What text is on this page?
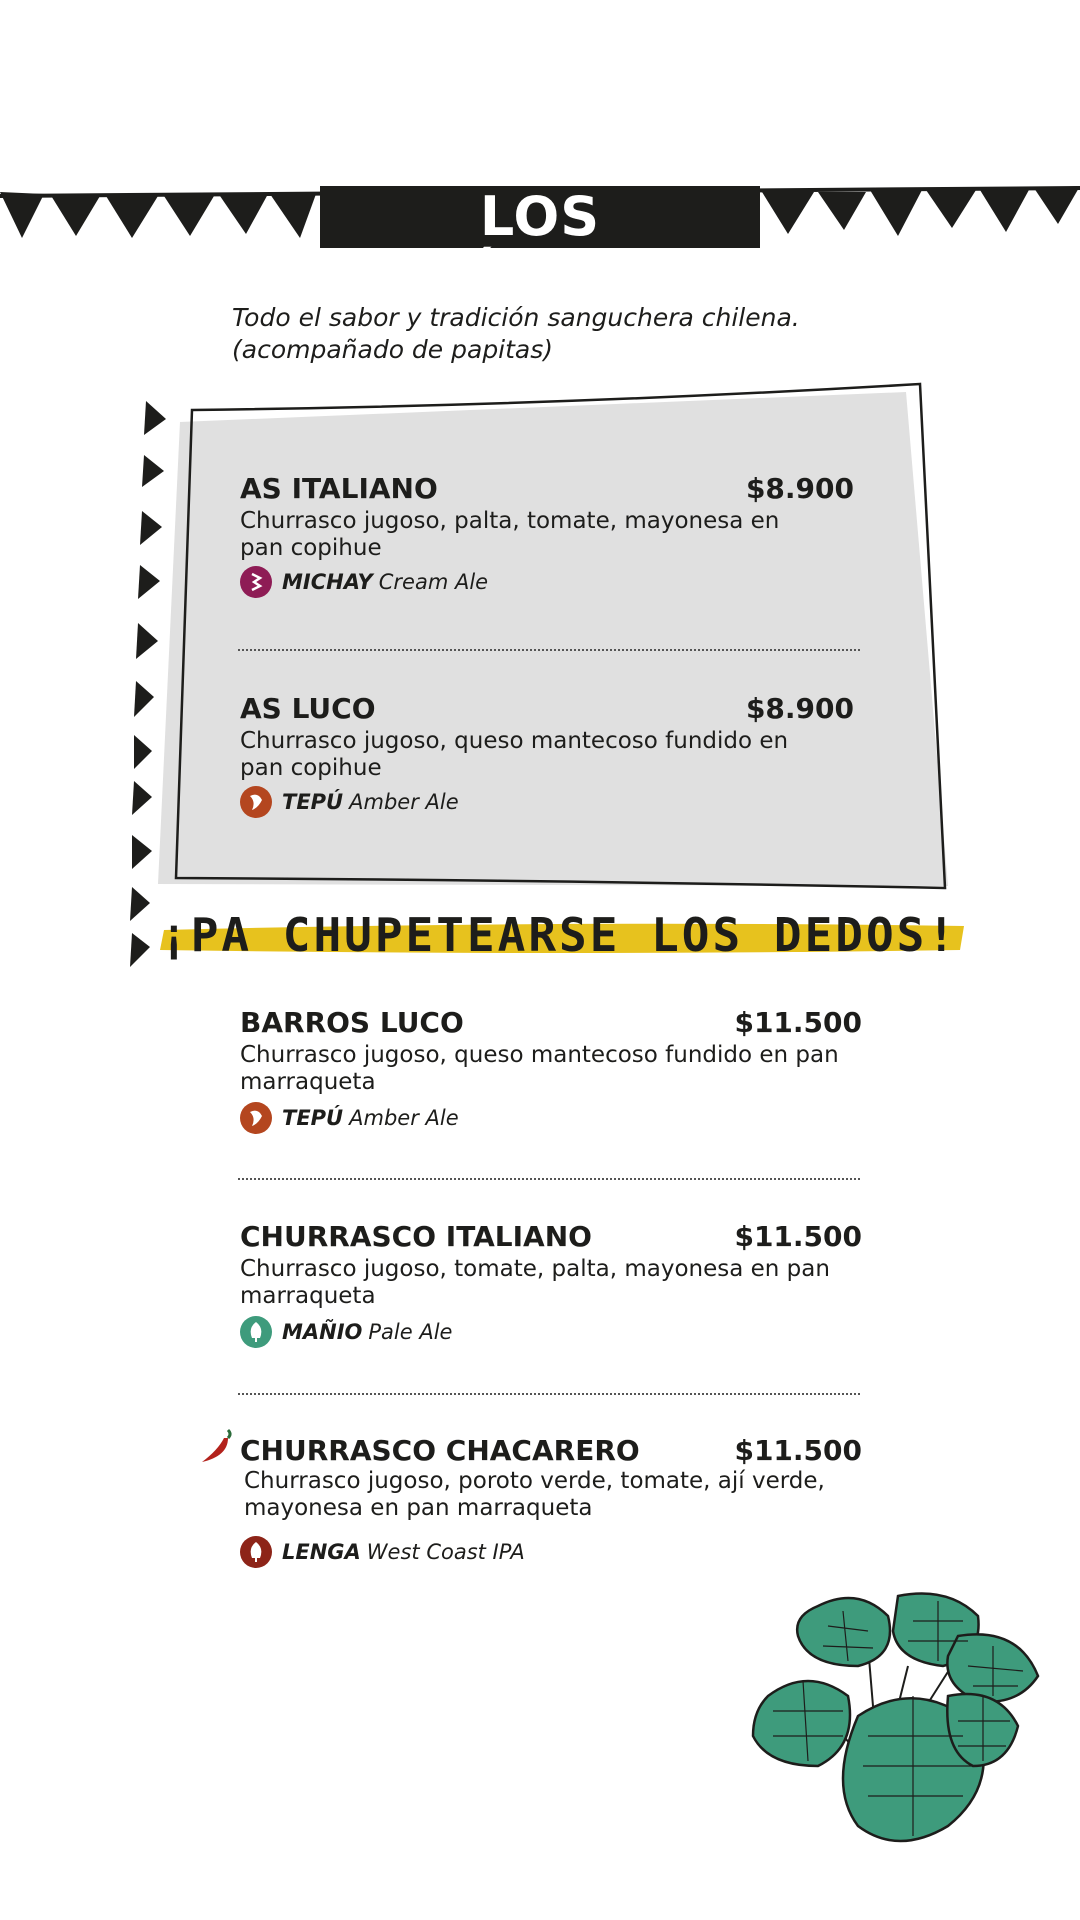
LOS CLÁSICOS
Todo el sabor y tradición sanguchera chilena.
(acompañado de papitas)
AS ITALIANO	$8.900
Churrasco jugoso, palta, tomate, mayonesa en pan copihue
MICHAY Cream Ale
AS LUCO	$8.900
Churrasco jugoso, queso mantecoso fundido en pan copihue
TEPÚ Amber Ale
¡PA CHUPETEARSE LOS DEDOS!
BARROS LUCO	$11.500
Churrasco jugoso, queso mantecoso fundido en pan marraqueta
TEPÚ Amber Ale
CHURRASCO ITALIANO	$11.500
Churrasco jugoso, tomate, palta, mayonesa en pan marraqueta
MAÑIO Pale Ale
CHURRASCO CHACARERO	$11.500
Churrasco jugoso, poroto verde, tomate, ají verde, mayonesa en pan marraqueta
LENGA West Coast IPA
